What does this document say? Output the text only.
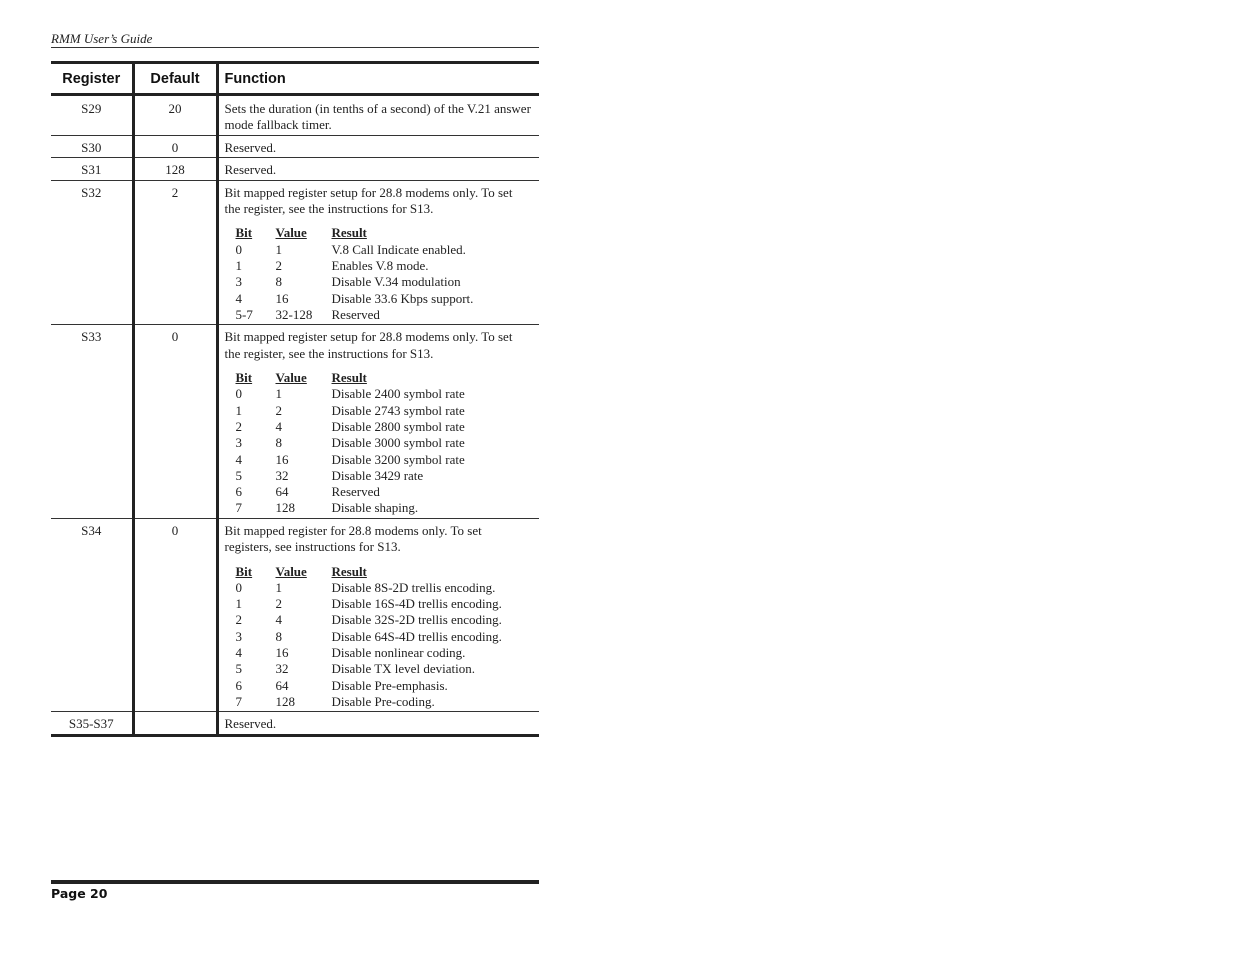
RMM User’s Guide
Register	Default	Function
S29	20	Sets the duration (in tenths of a second) of the V.21 answer mode fallback timer.

S30	0	Reserved.

S31	128	Reserved.

S32	2	Bit mapped register setup for 28.8 modems only. To set the register, see the instructions for S13.
Bit	Value	Result
0	1	V.8 Call Indicate enabled.
1	2	Enables V.8 mode.
3	8	Disable V.34 modulation
4	16	Disable 33.6 Kbps support.
5-7	32-128	Reserved

S33	0	Bit mapped register setup for 28.8 modems only. To set the register, see the instructions for S13.
Bit	Value	Result
0	1	Disable 2400 symbol rate
1	2	Disable 2743 symbol rate
2	4	Disable 2800 symbol rate
3	8	Disable 3000 symbol rate
4	16	Disable 3200 symbol rate
5	32	Disable 3429 rate
6	64	Reserved
7	128	Disable shaping.

S34	0	Bit mapped register for 28.8 modems only. To set registers, see instructions for S13.
Bit	Value	Result
0	1	Disable 8S-2D trellis encoding.
1	2	Disable 16S-4D trellis encoding.
2	4	Disable 32S-2D trellis encoding.
3	8	Disable 64S-4D trellis encoding.
4	16	Disable nonlinear coding.
5	32	Disable TX level deviation.
6	64	Disable Pre-emphasis.
7	128	Disable Pre-coding.

S35-S37		Reserved.
Page 20
